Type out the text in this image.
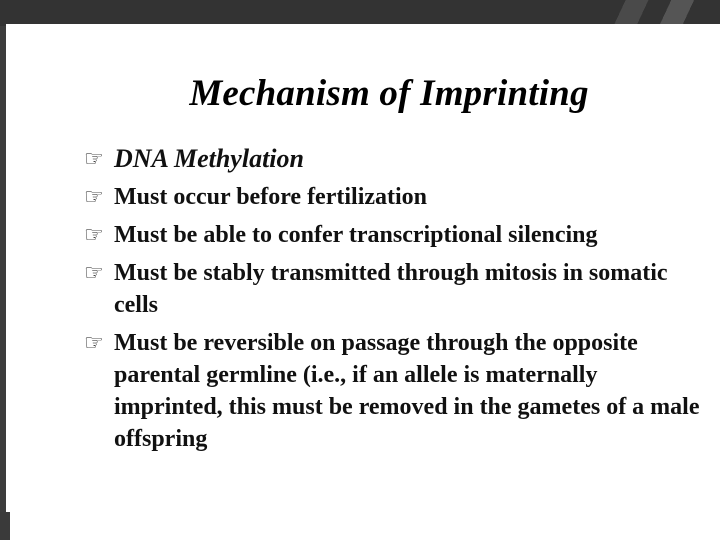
Mechanism of Imprinting
☞ DNA Methylation
☞ Must occur before fertilization
☞ Must be able to confer transcriptional silencing
☞ Must be stably transmitted through mitosis in somatic cells
☞ Must be reversible on passage through the opposite parental germline (i.e., if an allele is maternally imprinted, this must be removed in the gametes of a male offspring
